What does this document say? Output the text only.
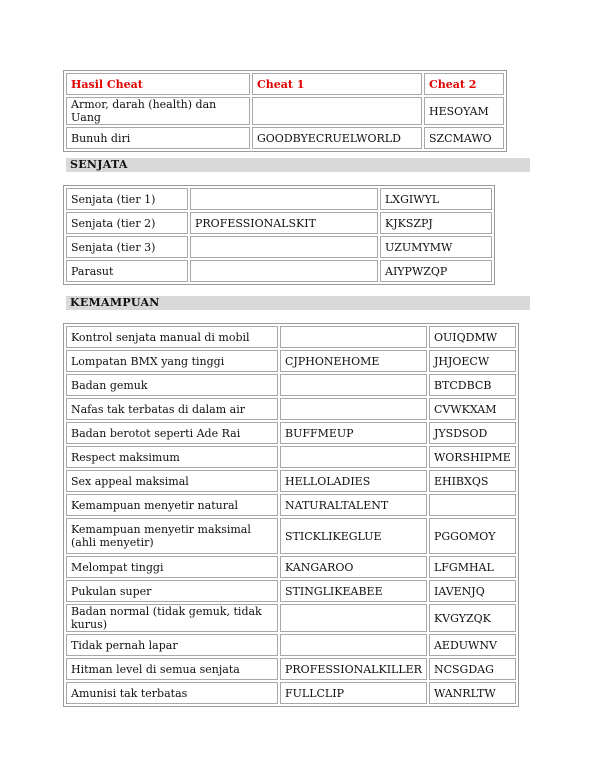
Hasil Cheat	Cheat 1	Cheat 2
Armor, darah (health) dan Uang		HESOYAM
Bunuh diri	GOODBYECRUELWORLD	SZCMAWO
SENJATA
Senjata (tier 1)		LXGIWYL
Senjata (tier 2)	PROFESSIONALSKIT	KJKSZPJ
Senjata (tier 3)		UZUMYMW
Parasut		AIYPWZQP
KEMAMPUAN
Kontrol senjata manual di mobil		OUIQDMW
Lompatan BMX yang tinggi	CJPHONEHOME	JHJOECW
Badan gemuk		BTCDBCB
Nafas tak terbatas di dalam air		CVWKXAM
Badan berotot seperti Ade Rai	BUFFMEUP	JYSDSOD
Respect maksimum		WORSHIPME
Sex appeal maksimal	HELLOLADIES	EHIBXQS
Kemampuan menyetir natural	NATURALTALENT	
Kemampuan menyetir maksimal (ahli menyetir)	STICKLIKEGLUE	PGGOMOY
Melompat tinggi	KANGAROO	LFGMHAL
Pukulan super	STINGLIKEABEE	IAVENJQ
Badan normal (tidak gemuk, tidak kurus)		KVGYZQK
Tidak pernah lapar		AEDUWNV
Hitman level di semua senjata	PROFESSIONALKILLER	NCSGDAG
Amunisi tak terbatas	FULLCLIP	WANRLTW
